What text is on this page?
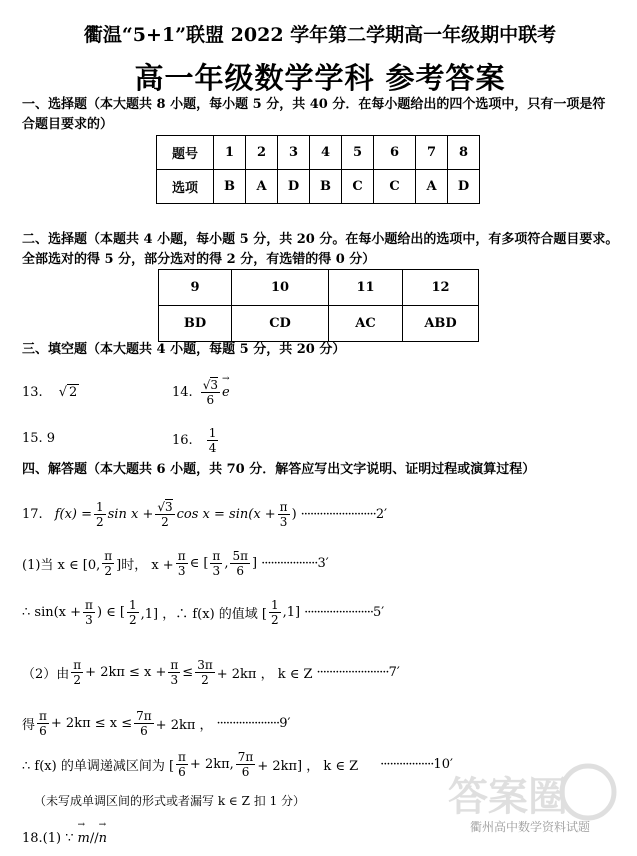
衢温“5+1”联盟 2022 学年第二学期高一年级期中联考
高一年级数学学科 参考答案
一、选择题（本大题共 8 小题，每小题 5 分，共 40 分．在每小题给出的四个选项中，只有一项是符合题目要求的）
题号	1	2	3	4	5	6	7	8
选项	B	A	D	B	C	C	A	D
二、选择题（本题共 4 小题，每小题 5 分，共 20 分。在每小题给出的选项中，有多项符合题目要求。全部选对的得 5 分，部分选对的得 2 分，有选错的得 0 分）
9	10	11	12
BD	CD	AC	ABD
三、填空题（本大题共 4 小题，每题 5 分，共 20 分）
13. √ 2	14. $\frac{√3}{6} \to e$
15. 9	16. $\frac{1}{4}$
四、解答题（本大题共 6 小题，共 70 分．解答应写出文字说明、证明过程或演算过程）
17. $f(x) = \frac{1}{2}$ $\sin x + \frac{√3}{2}$ $\cos x = \sin(x + \frac{\pi}{3}$ ) ························ 2′
(1)当 x ∈ [0, $\frac{\pi}{2}$ ]时， $x + \frac{\pi}{3}$ ∈ [ $\frac{\pi}{3}$ , $\frac{5\pi}{6}$ ] ·················· 3′
∴ $\sin(x + \frac{\pi}{3}$ ) ∈ [ $\frac{1}{2} ,1$] ，∴ f(x) 的值域 [ $\frac{1}{2} ,1$] ······················ 5′
（2）由 $\frac{\pi}{2} + 2k\pi \le x + \frac{\pi}{3} \le \frac{3\pi}{2} + 2k\pi$ ， k ∈ Z ······················· 7′
得 $\frac{\pi}{6} + 2k\pi \le x \le \frac{7\pi}{6} + 2k\pi$ ， ···················· 9′
∴ f(x) 的单调递减区间为 [ $\frac{\pi}{6} + 2k\pi$, $\frac{7\pi}{6} + 2k\pi$] ， k ∈ Z ················· 10′
（未写成单调区间的形式或者漏写 k ∈ Z 扣 1 分）
18.(1) ∵ → m // → n
答案圈
衢州高中数学资料试题
